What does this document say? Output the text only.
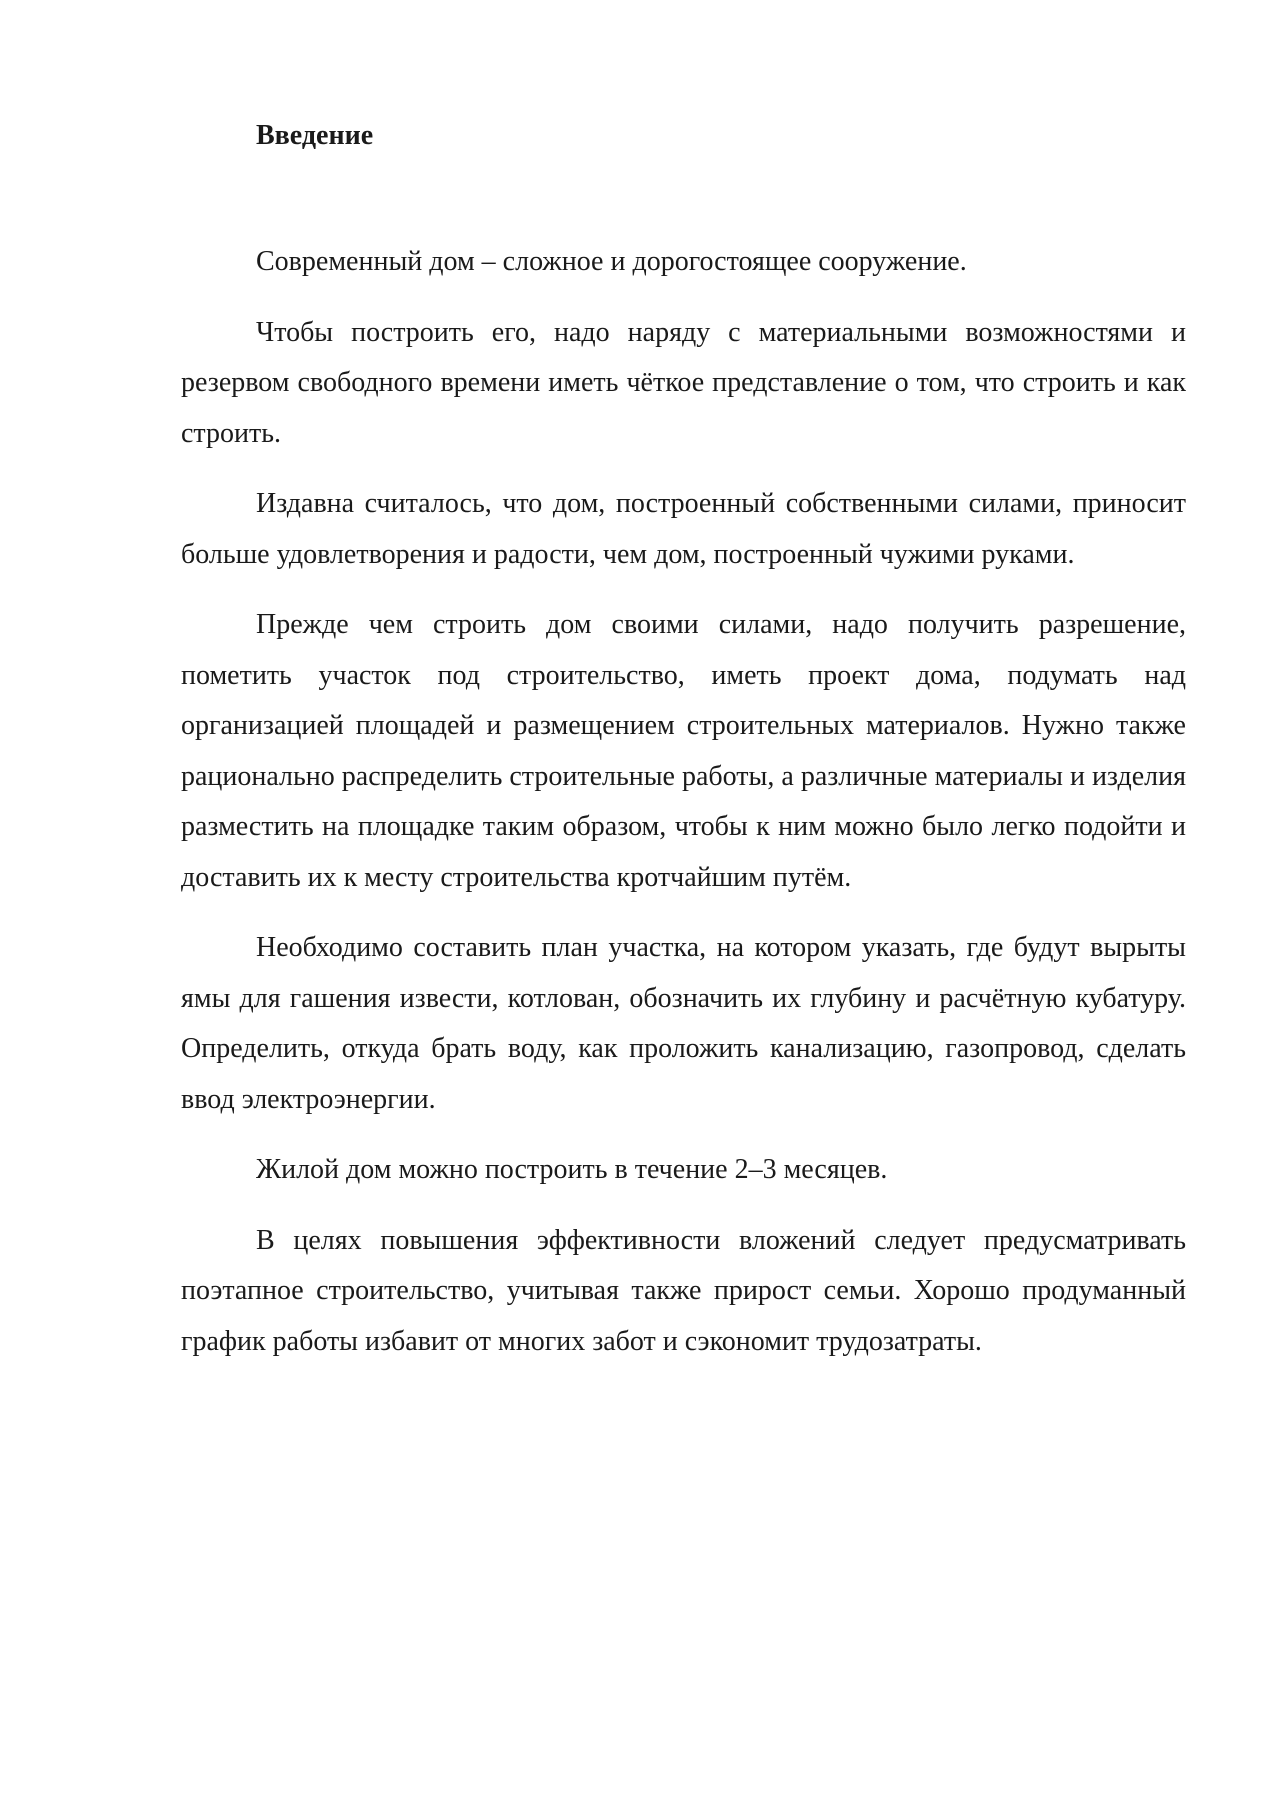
Введение

Современный дом – сложное и дорогостоящее сооружение.

Чтобы построить его, надо наряду с материальными возможностями и резервом свободного времени иметь чёткое представление о том, что строить и как строить.

Издавна считалось, что дом, построенный собственными силами, приносит больше удовлетворения и радости, чем дом, построенный чужими руками.

Прежде чем строить дом своими силами, надо получить разрешение, пометить участок под строительство, иметь проект дома, подумать над организацией площадей и размещением строительных материалов. Нужно также рационально распределить строительные работы, а различные материалы и изделия разместить на площадке таким образом, чтобы к ним можно было легко подойти и доставить их к месту строительства кротчайшим путём.

Необходимо составить план участка, на котором указать, где будут вырыты ямы для гашения извести, котлован, обозначить их глубину и расчётную кубатуру. Определить, откуда брать воду, как проложить канализацию, газопровод, сделать ввод электроэнергии.

Жилой дом можно построить в течение 2–3 месяцев.

В целях повышения эффективности вложений следует предусматривать поэтапное строительство, учитывая также прирост семьи. Хорошо продуманный график работы избавит от многих забот и сэкономит трудозатраты.
